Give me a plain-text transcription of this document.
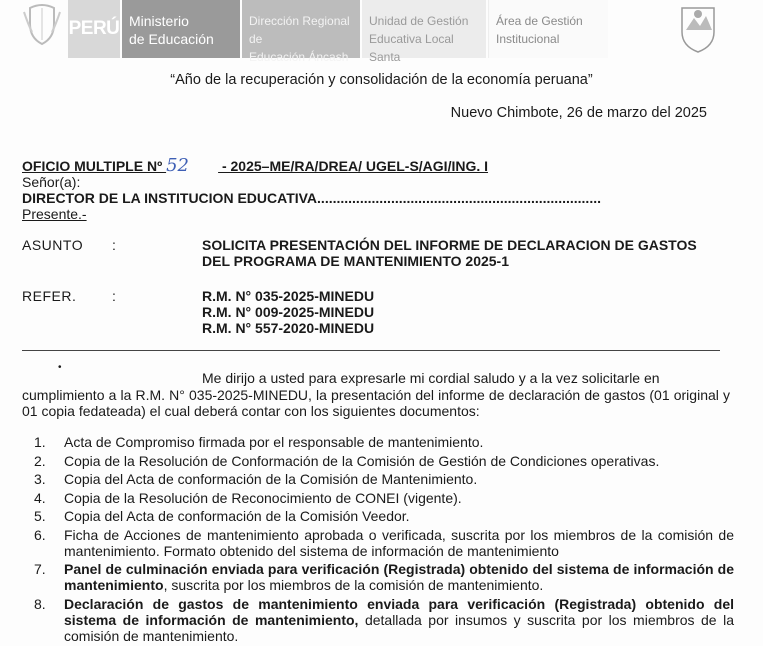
PERÚ Ministerio
de Educación
Dirección Regional de
Educación Áncash
Unidad de Gestión
Educativa Local Santa
Área de Gestión
Institucional
“Año de la recuperación y consolidación de la economía peruana”
Nuevo Chimbote, 26 de marzo del 2025
OFICIO MULTIPLE Nº 52 - 2025–ME/RA/DREA/ UGEL-S/AGI/ING. I
Señor(a):
DIRECTOR DE LA INSTITUCION EDUCATIVA.........................................................................
Presente.-
ASUNTO :	SOLICITA PRESENTACIÓN DEL INFORME DE DECLARACION DE GASTOS
DEL PROGRAMA DE MANTENIMIENTO 2025-1
REFER.	:	R.M. N° 035-2025-MINEDU
R.M. N° 009-2025-MINEDU
R.M. N° 557-2020-MINEDU
•
Me dirijo a usted para expresarle mi cordial saludo y a la vez solicitarle en
cumplimiento a la R.M. N° 035-2025-MINEDU, la presentación del informe de declaración de gastos (01 original y 01 copia fedateada) el cual deberá contar con los siguientes documentos:
1.	Acta de Compromiso firmada por el responsable de mantenimiento.
2.	Copia de la Resolución de Conformación de la Comisión de Gestión de Condiciones operativas.
3.	Copia del Acta de conformación de la Comisión de Mantenimiento.
4.	Copia de la Resolución de Reconocimiento de CONEI (vigente).
5.	Copia del Acta de conformación de la Comisión Veedor.
6.	Ficha de Acciones de mantenimiento aprobada o verificada, suscrita por los miembros de la comisión de mantenimiento. Formato obtenido del sistema de información de mantenimiento
7.	Panel de culminación enviada para verificación (Registrada) obtenido del sistema de información de mantenimiento, suscrita por los miembros de la comisión de mantenimiento.
8.	Declaración de gastos de mantenimiento enviada para verificación (Registrada) obtenido del sistema de información de mantenimiento, detallada por insumos y suscrita por los miembros de la comisión de mantenimiento.
